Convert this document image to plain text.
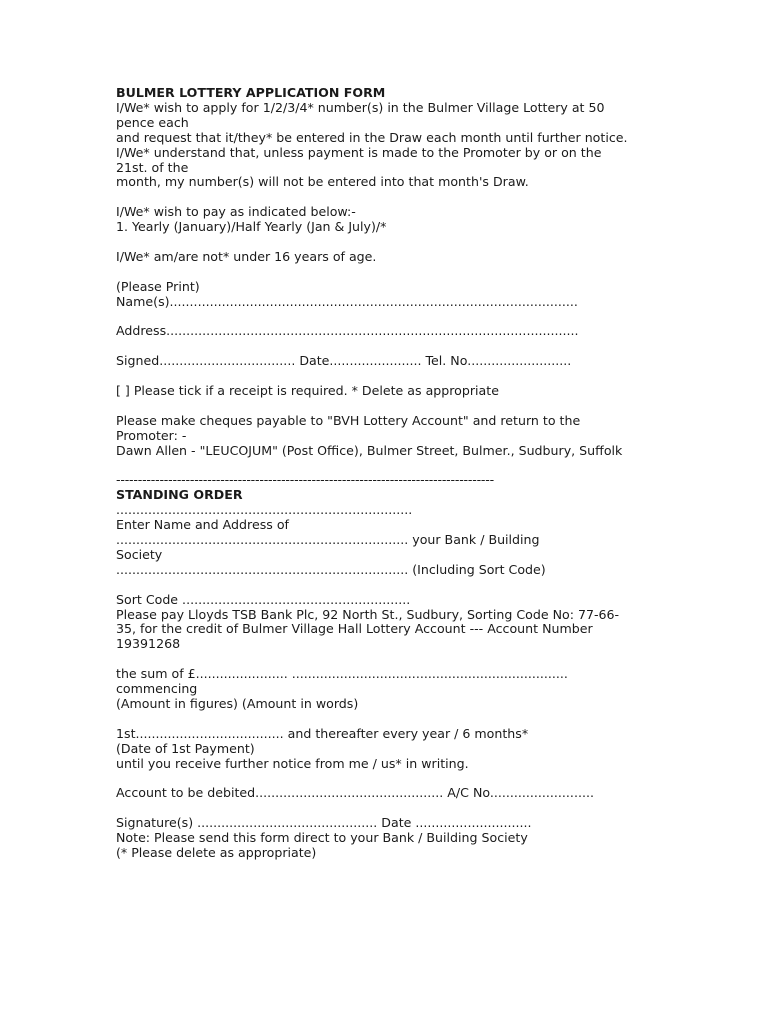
BULMER LOTTERY APPLICATION FORM
I/We* wish to apply for 1/2/3/4* number(s) in the Bulmer Village Lottery at 50
pence each
and request that it/they* be entered in the Draw each month until further notice.
I/We* understand that, unless payment is made to the Promoter by or on the
21st. of the
month, my number(s) will not be entered into that month's Draw.
I/We* wish to pay as indicated below:-
1. Yearly (January)/Half Yearly (Jan & July)/*
I/We* am/are not* under 16 years of age.
(Please Print)
Name(s)......................................................................................................
Address.......................................................................................................
Signed.................................. Date....................... Tel. No..........................
[ ] Please tick if a receipt is required. * Delete as appropriate
Please make cheques payable to "BVH Lottery Account" and return to the
Promoter: -
Dawn Allen - "LEUCOJUM" (Post Office), Bulmer Street, Bulmer., Sudbury, Suffolk
---------------------------------------------------------------------------------------
STANDING ORDER
..........................................................................
Enter Name and Address of
......................................................................... your Bank / Building
Society
......................................................................... (Including Sort Code)
Sort Code .........................................................
Please pay Lloyds TSB Bank Plc, 92 North St., Sudbury, Sorting Code No: 77-66-
35, for the credit of Bulmer Village Hall Lottery Account --- Account Number
19391268
the sum of £....................... .....................................................................
commencing
(Amount in figures) (Amount in words)
1st..................................... and thereafter every year / 6 months*
(Date of 1st Payment)
until you receive further notice from me / us* in writing.
Account to be debited............................................... A/C No..........................
Signature(s) ............................................. Date .............................
Note: Please send this form direct to your Bank / Building Society
(* Please delete as appropriate)
